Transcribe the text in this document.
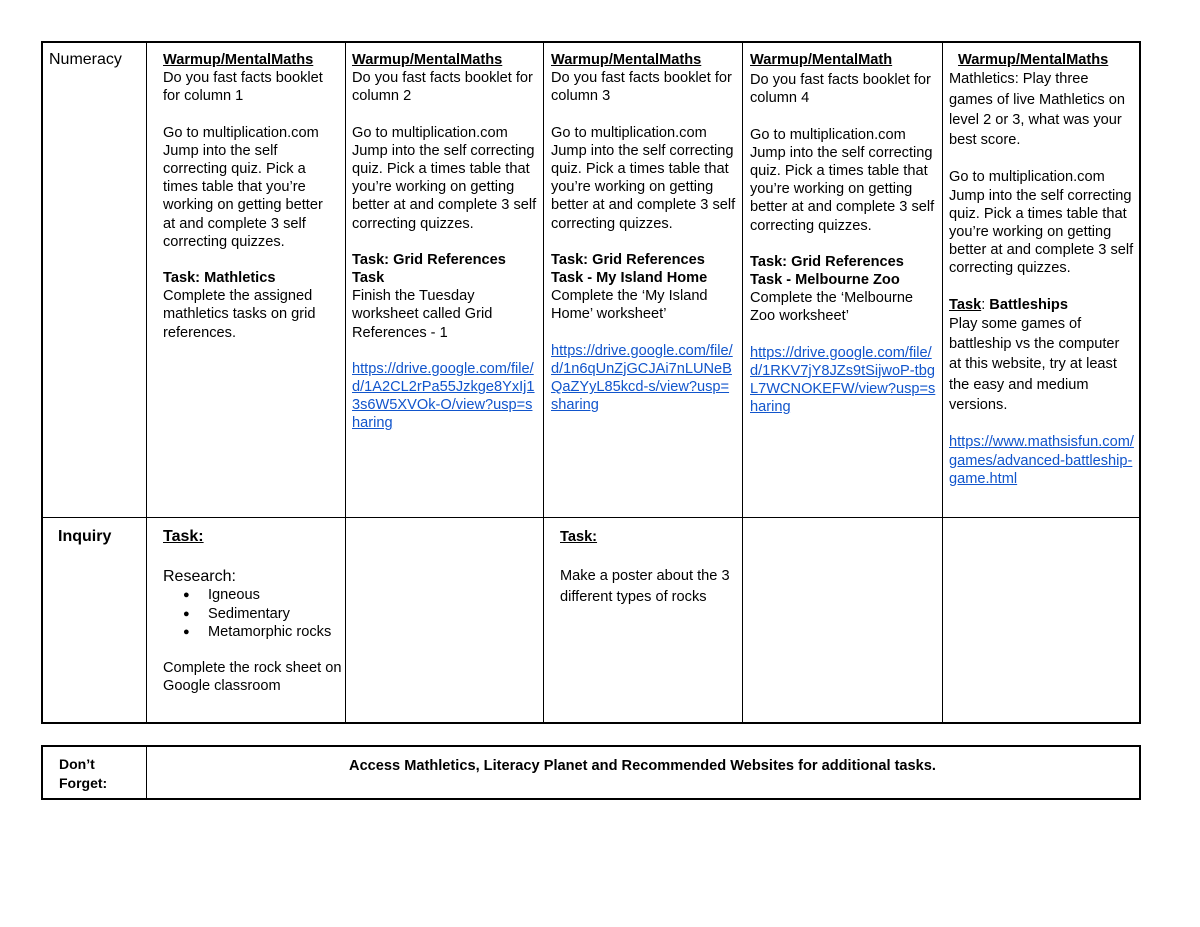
Numeracy	Warmup/MentalMaths

Do you fast facts booklet for column 1

Go to multiplication.com Jump into the self correcting quiz. Pick a times table that you’re working on getting better at and complete 3 self correcting quizzes.

Task: Mathletics

Complete the assigned mathletics tasks on grid references.

Warmup/MentalMaths

Do you fast facts booklet for column 2

Go to multiplication.com Jump into the self correcting quiz. Pick a times table that you’re working on getting better at and complete 3 self correcting quizzes.

Task: Grid References Task

Finish the Tuesday worksheet called Grid References - 1

https://drive.google.com/file/d/1A2CL2rPa55Jzkge8YxIj13s6W5XVOk-O/view?usp=sharing

Warmup/MentalMaths

Do you fast facts booklet for column 3

Go to multiplication.com Jump into the self correcting quiz. Pick a times table that you’re working on getting better at and complete 3 self correcting quizzes.

Task: Grid References Task - My Island Home

Complete the ‘My Island Home’ worksheet’

https://drive.google.com/file/d/1n6qUnZjGCJAi7nLUNeBQaZYyL85kcd-s/view?usp=sharing

Warmup/MentalMath

Do you fast facts booklet for column 4

Go to multiplication.com Jump into the self correcting quiz. Pick a times table that you’re working on getting better at and complete 3 self correcting quizzes.

Task: Grid References Task - Melbourne Zoo

Complete the ‘Melbourne Zoo worksheet’

https://drive.google.com/file/d/1RKV7jY8JZs9tSijwoP-tbgL7WCNOKEFW/view?usp=sharing

Warmup/MentalMaths

Mathletics: Play three games of live Mathletics on level 2 or 3, what was your best score.

Go to multiplication.com Jump into the self correcting quiz. Pick a times table that you’re working on getting better at and complete 3 self correcting quizzes.

Task: Battleships

Play some games of battleship vs the computer at this website, try at least the easy and medium versions.

https://www.mathsisfun.com/games/advanced-battleship-game.html
Inquiry	Task:

Research:

● Igneous
● Sedimentary
● Metamorphic rocks

Complete the rock sheet on Google classroom

Task:

Make a poster about the 3 different types of rocks

Don’t Forget:
Access Mathletics, Literacy Planet and Recommended Websites for additional tasks.
